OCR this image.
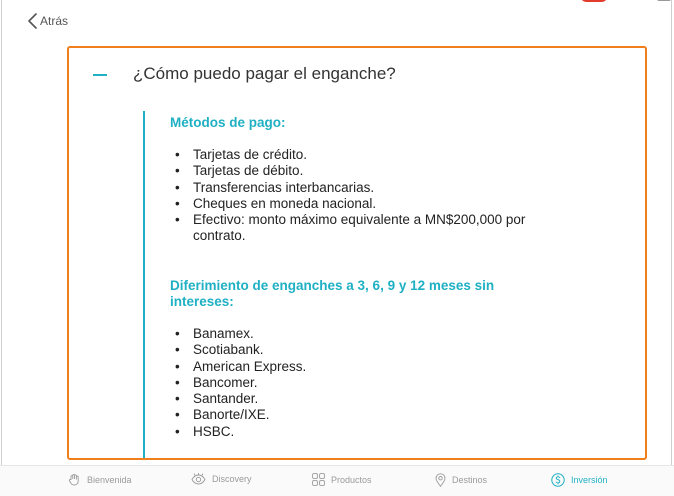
Atrás
¿Cómo puedo pagar el enganche?

Métodos de pago:

• Tarjetas de crédito.
• Tarjetas de débito.
• Transferencias interbancarias.
• Cheques en moneda nacional.
• Efectivo: monto máximo equivalente a MN$200,000 por contrato.

Diferimiento de enganches a 3, 6, 9 y 12 meses sin intereses:

• Banamex.
• Scotiabank.
• American Express.
• Bancomer.
• Santander.
• Banorte/IXE.
• HSBC.
Bienvenida	Discovery	Productos	Destinos	Inversión
